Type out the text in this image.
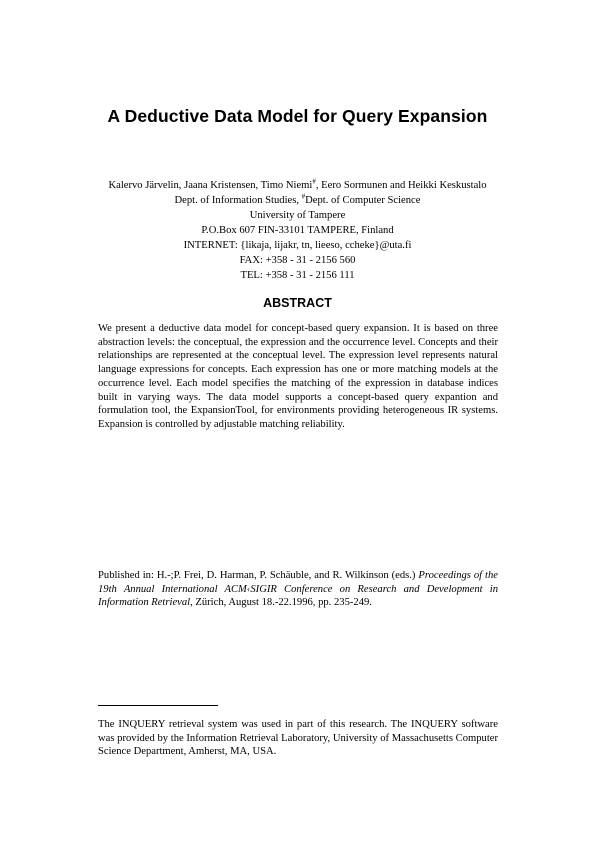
A Deductive Data Model for Query Expansion
Kalervo Järvelin, Jaana Kristensen, Timo Niemi#, Eero Sormunen and Heikki Keskustalo
Dept. of Information Studies, #Dept. of Computer Science
University of Tampere
P.O.Box 607 FIN-33101 TAMPERE, Finland
INTERNET: {likaja, lijakr, tn, lieeso, ccheke}@uta.fi
FAX: +358 - 31 - 2156 560
TEL: +358 - 31 - 2156 111
ABSTRACT
We present a deductive data model for concept-based query expansion. It is based on three abstraction levels: the conceptual, the expression and the occurrence level. Concepts and their relationships are represented at the conceptual level. The expression level represents natural language expressions for concepts. Each expression has one or more matching models at the occurrence level. Each model specifies the matching of the expression in database indices built in varying ways. The data model supports a concept-based query expantion and formulation tool, the ExpansionTool, for environments providing heterogeneous IR systems. Expansion is controlled by adjustable matching reliability.
Published in: H.-;P. Frei, D. Harman, P. Schäuble, and R. Wilkinson (eds.) Proceedings of the 19th Annual International ACM‹SIGIR Conference on Research and Development in Information Retrieval, Zürich, August 18.-22.1996, pp. 235-249.
The INQUERY retrieval system was used in part of this research. The INQUERY software was provided by the Information Retrieval Laboratory, University of Massachusetts Computer Science Department, Amherst, MA, USA.
